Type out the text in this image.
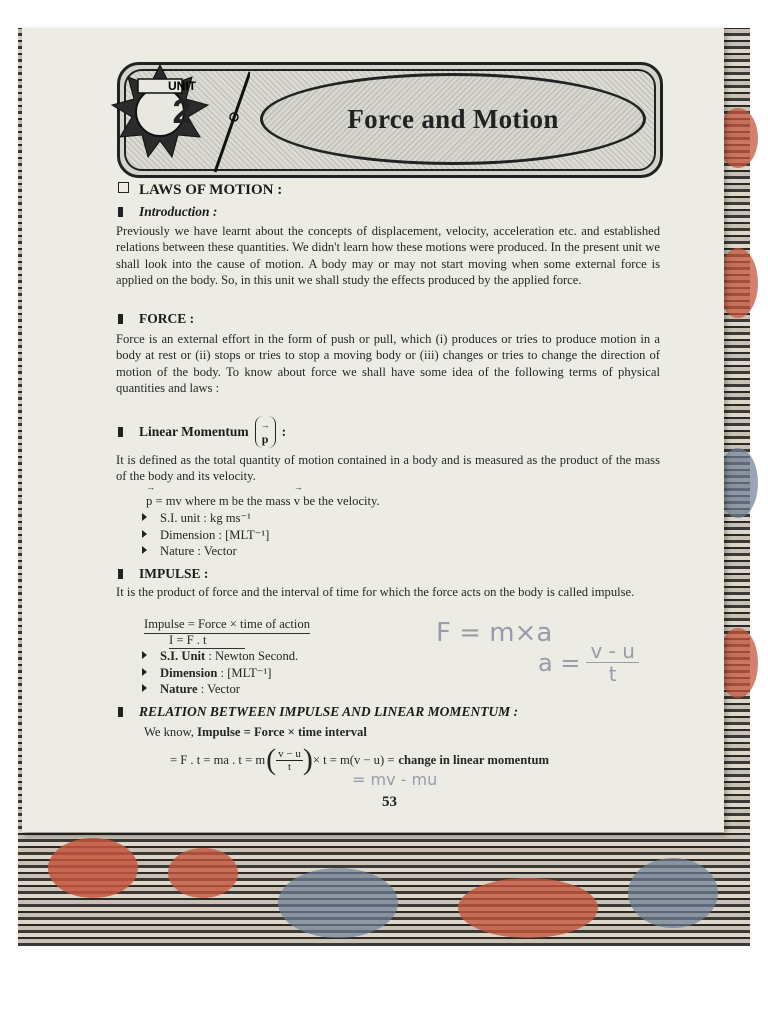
UNIT
2	Force and Motion
LAWS OF MOTION :
Introduction :
Previously we have learnt about the concepts of displacement, velocity, acceleration etc. and established relations between these quantities. We didn't learn how these motions were produced. In the present unit we shall look into the cause of motion. A body may or may not start moving when some external force is applied on the body. So, in this unit we shall study the effects produced by the applied force.
FORCE :
Force is an external effort in the form of push or pull, which (i) produces or tries to produce motion in a body at rest or (ii) stops or tries to stop a moving body or (iii) changes or tries to change the direction of motion of the body. To know about force we shall have some idea of the following terms of physical quantities and laws :
Linear Momentum →
p :
It is defined as the total quantity of motion contained in a body and is measured as the product of the mass of the body and its velocity.
→ p = mv where m be the mass → v be the velocity.
S.I. unit : kg ms⁻¹
Dimension : [MLT⁻¹]
Nature : Vector
IMPULSE :
It is the product of force and the interval of time for which the force acts on the body is called impulse.
Impulse = Force × time of action
I = F . t
S.I. Unit : Newton Second.
Dimension : [MLT⁻¹]
Nature : Vector
RELATION BETWEEN IMPULSE AND LINEAR MOMENTUM :
We know, Impulse = Force × time interval
= F . t = ma . t = m ( $\frac{v - u}{t}$ ) × t = m(v − u) = change in linear momentum
F = m×a
$a = \frac{v - u}{t}$
= mv - mu
53
